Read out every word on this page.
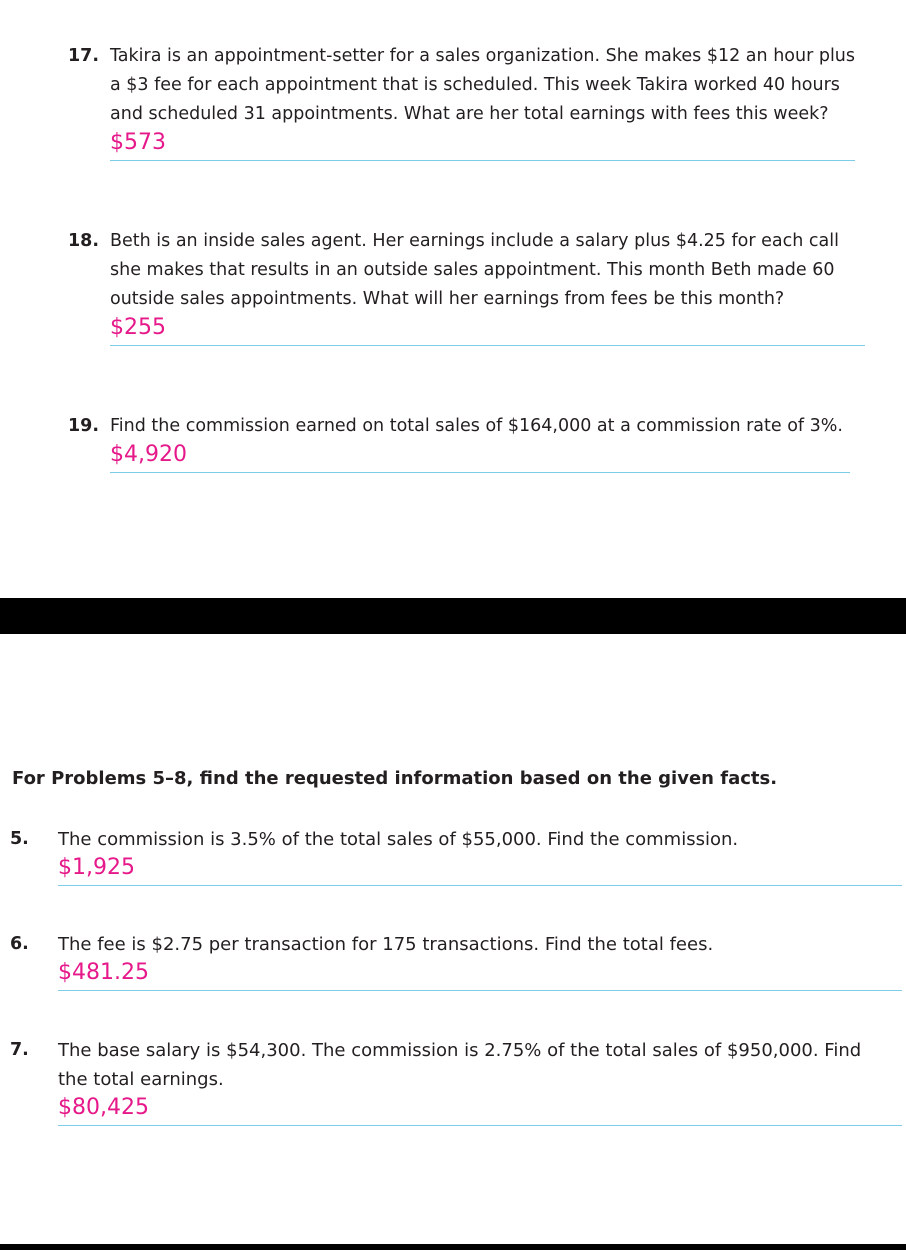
17. Takira is an appointment-setter for a sales organization. She makes $12 an hour plus a $3 fee for each appointment that is scheduled. This week Takira worked 40 hours and scheduled 31 appointments. What are her total earnings with fees this week?

$573
18. Beth is an inside sales agent. Her earnings include a salary plus $4.25 for each call she makes that results in an outside sales appointment. This month Beth made 60 outside sales appointments. What will her earnings from fees be this month?

$255
19. Find the commission earned on total sales of $164,000 at a commission rate of 3%.

$4,920

For Problems 5–8, find the requested information based on the given facts.

5. The commission is 3.5% of the total sales of $55,000. Find the commission.

$1,925
6. The fee is $2.75 per transaction for 175 transactions. Find the total fees.

$481.25
7. The base salary is $54,300. The commission is 2.75% of the total sales of $950,000. Find the total earnings.

$80,425
